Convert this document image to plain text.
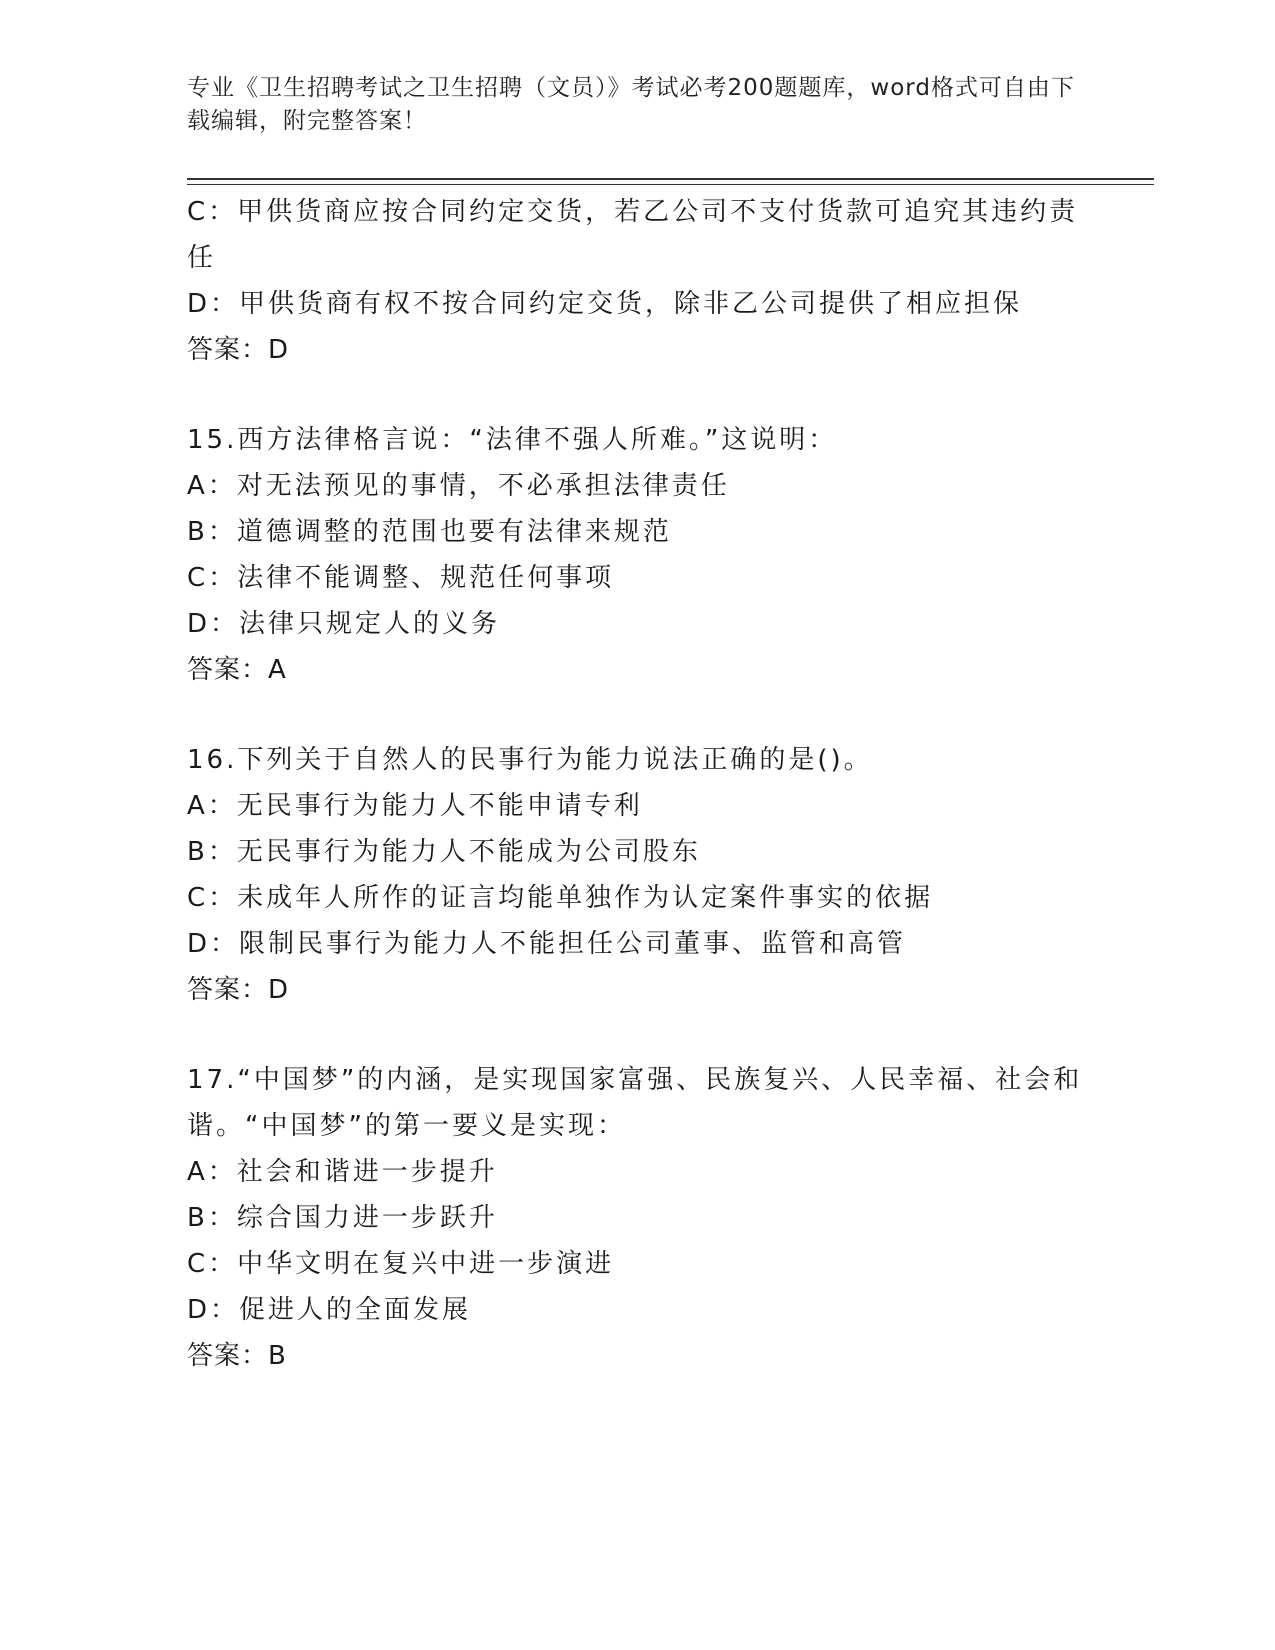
专业《卫生招聘考试之卫生招聘（文员）》考试必考200题题库，word格式可自由下载编辑，附完整答案！
C：甲供货商应按合同约定交货，若乙公司不支付货款可追究其违约责任
D：甲供货商有权不按合同约定交货，除非乙公司提供了相应担保
答案：D
15.西方法律格言说：“法律不强人所难。”这说明：
A：对无法预见的事情，不必承担法律责任
B：道德调整的范围也要有法律来规范
C：法律不能调整、规范任何事项
D：法律只规定人的义务
答案：A
16.下列关于自然人的民事行为能力说法正确的是()。
A：无民事行为能力人不能申请专利
B：无民事行为能力人不能成为公司股东
C：未成年人所作的证言均能单独作为认定案件事实的依据
D：限制民事行为能力人不能担任公司董事、监管和高管
答案：D
17.“中国梦”的内涵，是实现国家富强、民族复兴、人民幸福、社会和谐。“中国梦”的第一要义是实现：
A：社会和谐进一步提升
B：综合国力进一步跃升
C：中华文明在复兴中进一步演进
D：促进人的全面发展
答案：B
